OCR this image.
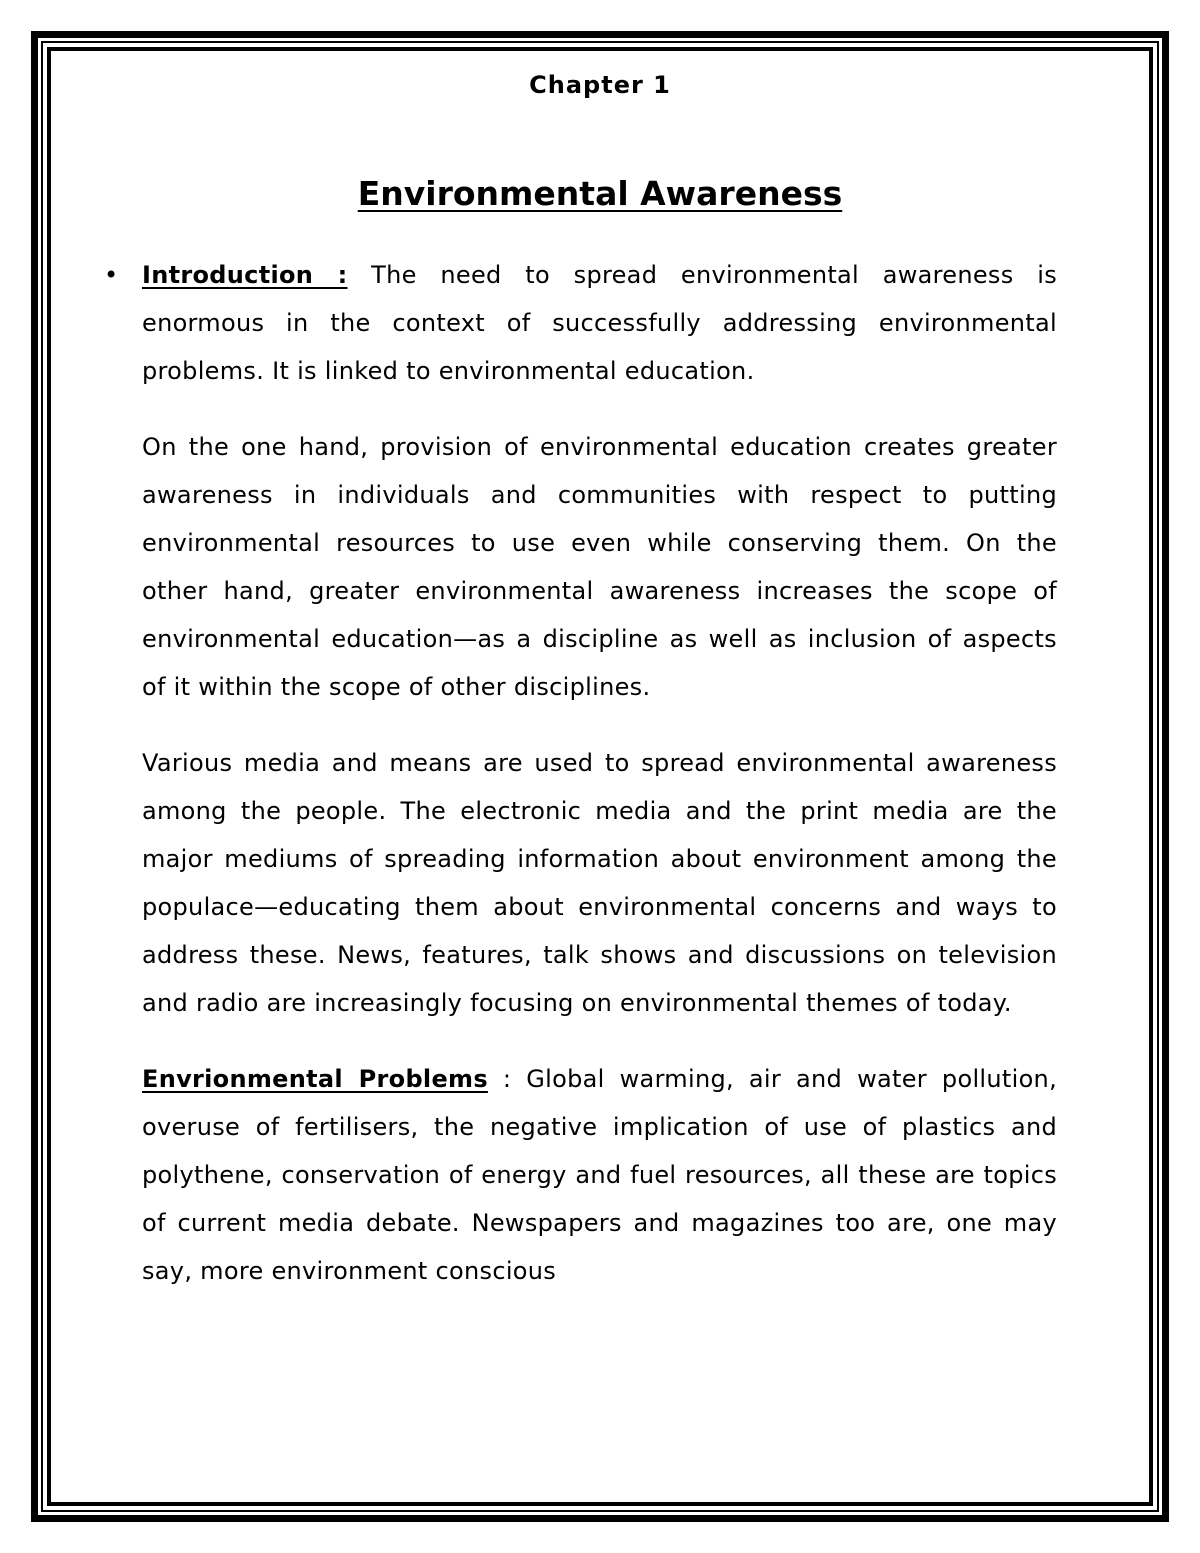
Chapter 1
Environmental Awareness

• Introduction : The need to spread environmental awareness is enormous in the context of successfully addressing environmental problems. It is linked to environmental education.

On the one hand, provision of environmental education creates greater awareness in individuals and communities with respect to putting environmental resources to use even while conserving them. On the other hand, greater environmental awareness increases the scope of environmental education—as a discipline as well as inclusion of aspects of it within the scope of other disciplines.

Various media and means are used to spread environmental awareness among the people. The electronic media and the print media are the major mediums of spreading information about environment among the populace—educating them about environmental concerns and ways to address these. News, features, talk shows and discussions on television and radio are increasingly focusing on environmental themes of today.

Envrionmental Problems : Global warming, air and water pollution, overuse of fertilisers, the negative implication of use of plastics and polythene, conservation of energy and fuel resources, all these are topics of current media debate. Newspapers and magazines too are, one may say, more environment conscious
